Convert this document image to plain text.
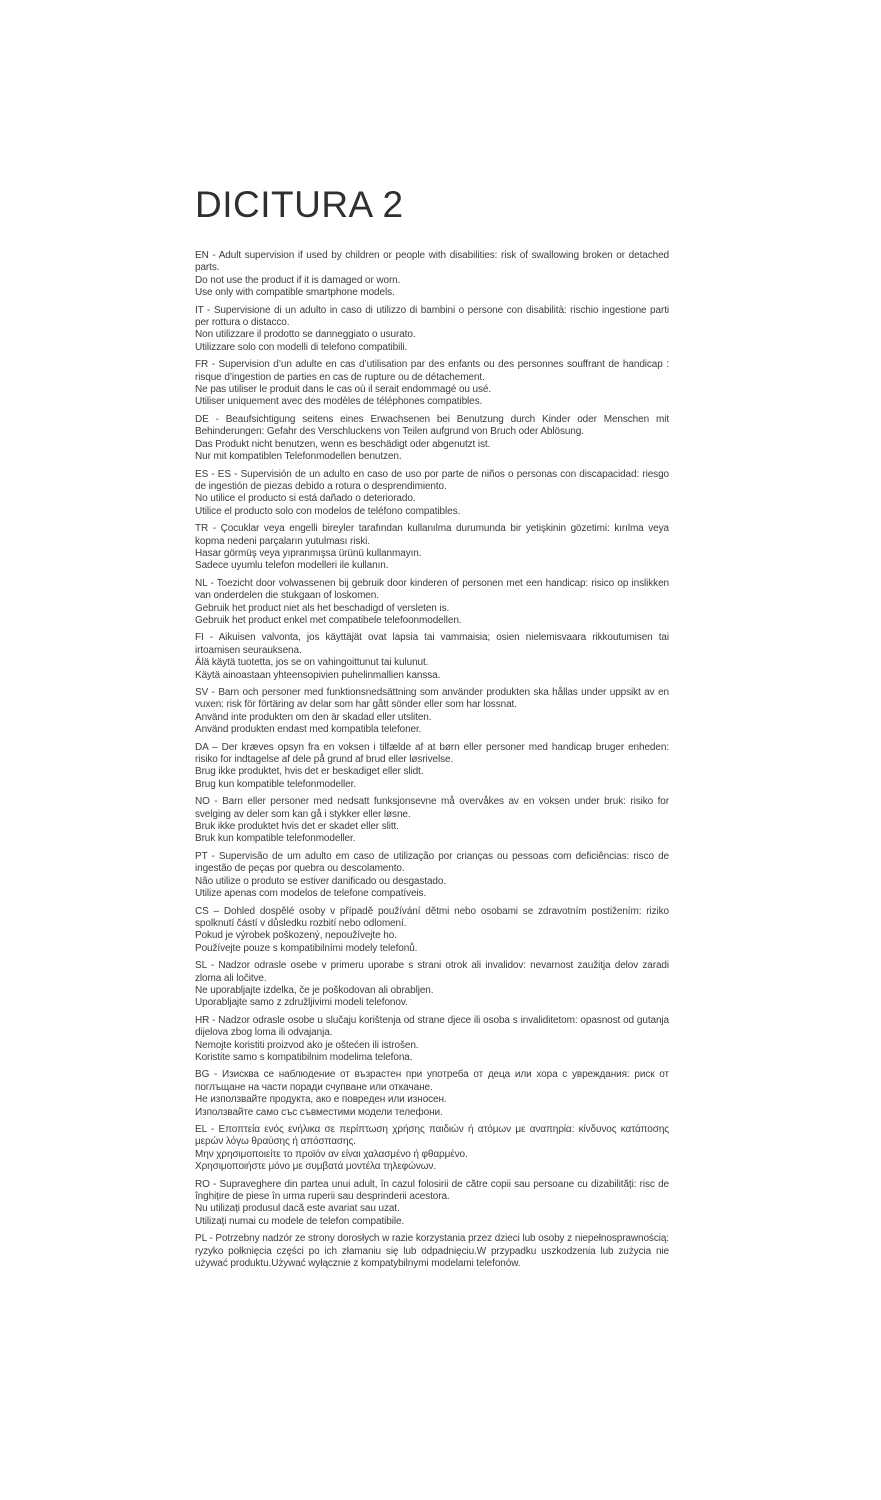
DICITURA 2
EN - Adult supervision if used by children or people with disabilities: risk of swallowing broken or detached parts.
Do not use the product if it is damaged or worn.
Use only with compatible smartphone models.
IT - Supervisione di un adulto in caso di utilizzo di bambini o persone con disabilità: rischio ingestione parti per rottura o distacco.
Non utilizzare il prodotto se danneggiato o usurato.
Utilizzare solo con modelli di telefono compatibili.
FR - Supervision d’un adulte en cas d’utilisation par des enfants ou des personnes souffrant de handicap : risque d’ingestion de parties en cas de rupture ou de détachement.
Ne pas utiliser le produit dans le cas où il serait endommagé ou usé.
Utiliser uniquement avec des modèles de téléphones compatibles.
DE - Beaufsichtigung seitens eines Erwachsenen bei Benutzung durch Kinder oder Menschen mit Behinderungen: Gefahr des Verschluckens von Teilen aufgrund von Bruch oder Ablösung.
Das Produkt nicht benutzen, wenn es beschädigt oder abgenutzt ist.
Nur mit kompatiblen Telefonmodellen benutzen.
ES - ES - Supervisión de un adulto en caso de uso por parte de niños o personas con discapacidad: riesgo de ingestión de piezas debido a rotura o desprendimiento.
No utilice el producto si está dañado o deteriorado.
Utilice el producto solo con modelos de teléfono compatibles.
TR - Çocuklar veya engelli bireyler tarafından kullanılma durumunda bir yetişkinin gözetimi: kırılma veya kopma nedeni parçaların yutulması riski.
Hasar görmüş veya yıpranmışsa ürünü kullanmayın.
Sadece uyumlu telefon modelleri ile kullanın.
NL - Toezicht door volwassenen bij gebruik door kinderen of personen met een handicap: risico op inslikken van onderdelen die stukgaan of loskomen.
Gebruik het product niet als het beschadigd of versleten is.
Gebruik het product enkel met compatibele telefoonmodellen.
FI - Aikuisen valvonta, jos käyttäjät ovat lapsia tai vammaisia; osien nielemisvaara rikkoutumisen tai irtoamisen seurauksena.
Älä käytä tuotetta, jos se on vahingoittunut tai kulunut.
Käytä ainoastaan yhteensopivien puhelinmallien kanssa.
SV - Barn och personer med funktionsnedsättning som använder produkten ska hållas under uppsikt av en vuxen: risk för förtäring av delar som har gått sönder eller som har lossnat.
Använd inte produkten om den är skadad eller utsliten.
Använd produkten endast med kompatibla telefoner.
DA – Der kræves opsyn fra en voksen i tilfælde af at børn eller personer med handicap bruger enheden: risiko for indtagelse af dele på grund af brud eller løsrivelse.
Brug ikke produktet, hvis det er beskadiget eller slidt.
Brug kun kompatible telefonmodeller.
NO - Barn eller personer med nedsatt funksjonsevne må overvåkes av en voksen under bruk: risiko for svelging av deler som kan gå i stykker eller løsne.
Bruk ikke produktet hvis det er skadet eller slitt.
Bruk kun kompatible telefonmodeller.
PT - Supervisão de um adulto em caso de utilização por crianças ou pessoas com deficiências: risco de ingestão de peças por quebra ou descolamento.
Não utilize o produto se estiver danificado ou desgastado.
Utilize apenas com modelos de telefone compatíveis.
CS – Dohled dospělé osoby v případě používání dětmi nebo osobami se zdravotním postižením: riziko spolknutí částí v důsledku rozbití nebo odlomení.
Pokud je výrobek poškozený, nepoužívejte ho.
Používejte pouze s kompatibilními modely telefonů.
SL - Nadzor odrasle osebe v primeru uporabe s strani otrok ali invalidov: nevarnost zaužitja delov zaradi zloma ali ločitve.
Ne uporabljajte izdelka, če je poškodovan ali obrabljen.
Uporabljajte samo z združljivimi modeli telefonov.
HR - Nadzor odrasle osobe u slučaju korištenja od strane djece ili osoba s invaliditetom: opasnost od gutanja dijelova zbog loma ili odvajanja.
Nemojte koristiti proizvod ako je oštećen ili istrošen.
Koristite samo s kompatibilnim modelima telefona.
BG - Изисква се наблюдение от възрастен при употреба от деца или хора с увреждания: риск от поглъщане на части поради счупване или откачане.
Не използвайте продукта, ако е повреден или износен.
Използвайте само със съвместими модели телефони.
EL - Εποπτεία ενός ενήλικα σε περίπτωση χρήσης παιδιών ή ατόμων με αναπηρία: κίνδυνος κατάποσης μερών λόγω θραύσης ή απόσπασης.
Μην χρησιμοποιείτε το προϊόν αν είναι χαλασμένο ή φθαρμένο.
Χρησιμοποιήστε μόνο με συμβατά μοντέλα τηλεφώνων.
RO - Supraveghere din partea unui adult, în cazul folosirii de către copii sau persoane cu dizabilități: risc de înghițire de piese în urma ruperii sau desprinderii acestora.
Nu utilizați produsul dacă este avariat sau uzat.
Utilizați numai cu modele de telefon compatibile.
PL - Potrzebny nadzór ze strony dorosłych w razie korzystania przez dzieci lub osoby z niepełnosprawnością: ryzyko połknięcia części po ich złamaniu się lub odpadnięciu.W przypadku uszkodzenia lub zużycia nie używać produktu.Używać wyłącznie z kompatybilnymi modelami telefonów.
